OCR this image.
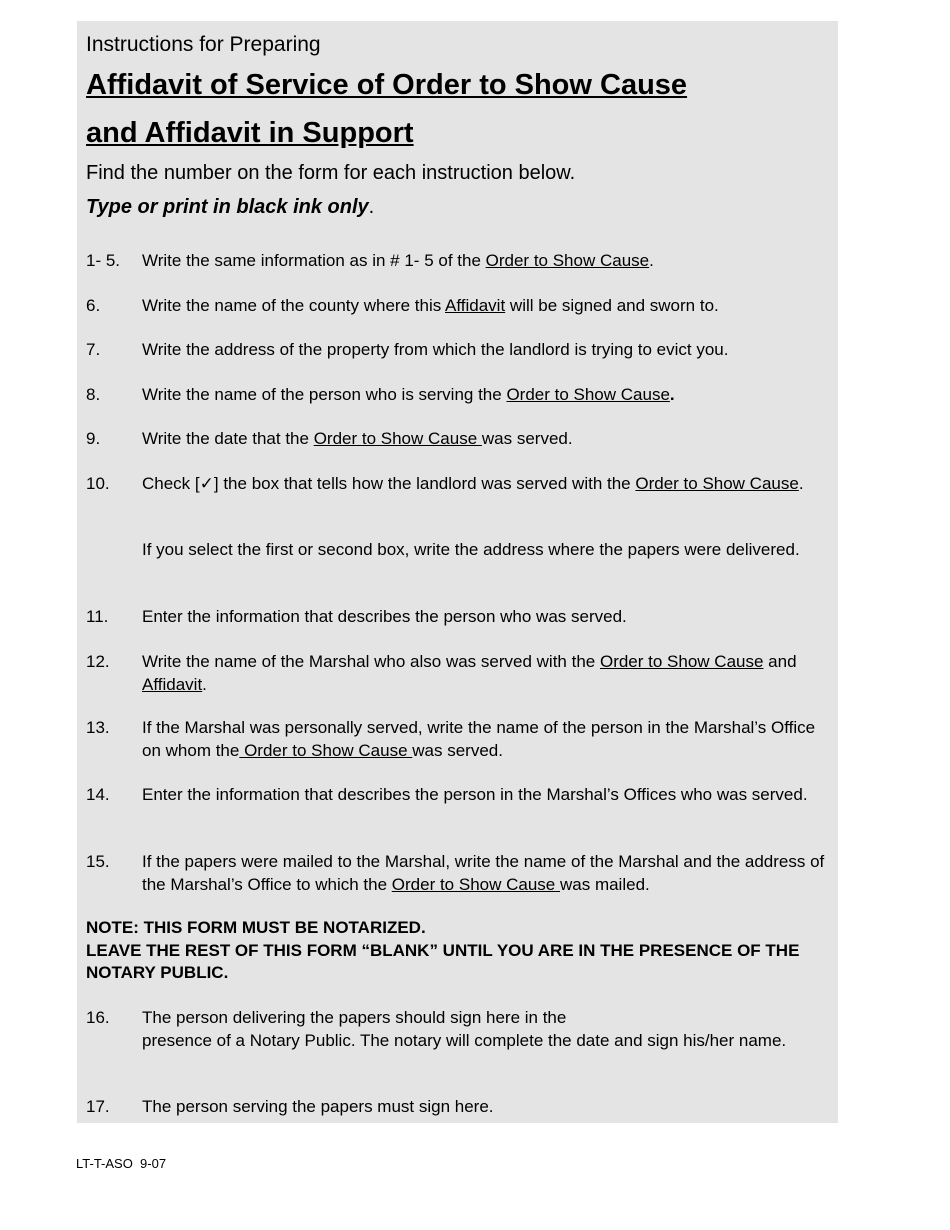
Instructions for Preparing
Affidavit of Service of Order to Show Cause
and Affidavit in Support
Find the number on the form for each instruction below.
Type or print in black ink only.
1- 5. Write the same information as in # 1- 5 of the Order to Show Cause.
6. Write the name of the county where this Affidavit will be signed and sworn to.
7. Write the address of the property from which the landlord is trying to evict you.
8. Write the name of the person who is serving the Order to Show Cause.
9. Write the date that the Order to Show Cause was served.
10. Check [✓] the box that tells how the landlord was served with the Order to Show Cause.
If you select the first or second box, write the address where the papers were delivered.
11. Enter the information that describes the person who was served.
12. Write the name of the Marshal who also was served with the Order to Show Cause and Affidavit.
13. If the Marshal was personally served, write the name of the person in the Marshal’s Office on whom the Order to Show Cause was served.
14. Enter the information that describes the person in the Marshal’s Offices who was served.
15. If the papers were mailed to the Marshal, write the name of the Marshal and the address of the Marshal’s Office to which the Order to Show Cause was mailed.
NOTE: THIS FORM MUST BE NOTARIZED.
LEAVE THE REST OF THIS FORM “BLANK” UNTIL YOU ARE IN THE PRESENCE OF THE NOTARY PUBLIC.
16. The person delivering the papers should sign here in the
presence of a Notary Public. The notary will complete the date and sign his/her name.
17. The person serving the papers must sign here.
LT-T-ASO  9-07
